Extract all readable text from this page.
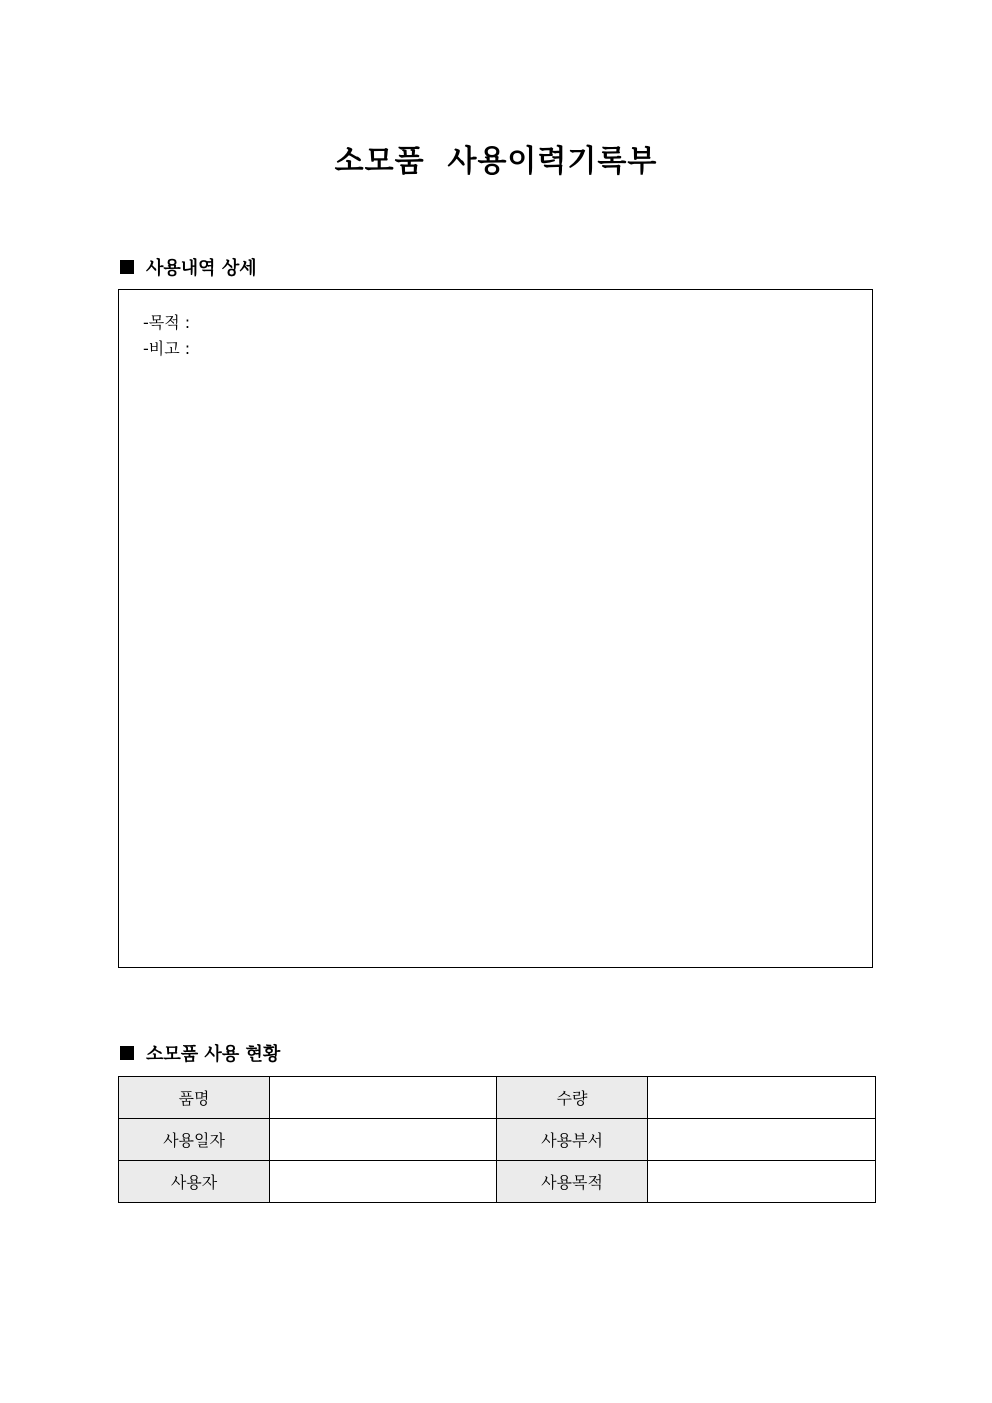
소모품  사용이력기록부
사용내역 상세
-목적 :
-비고 :
소모품 사용 현황
품명		수량	
사용일자		사용부서	
사용자		사용목적	
